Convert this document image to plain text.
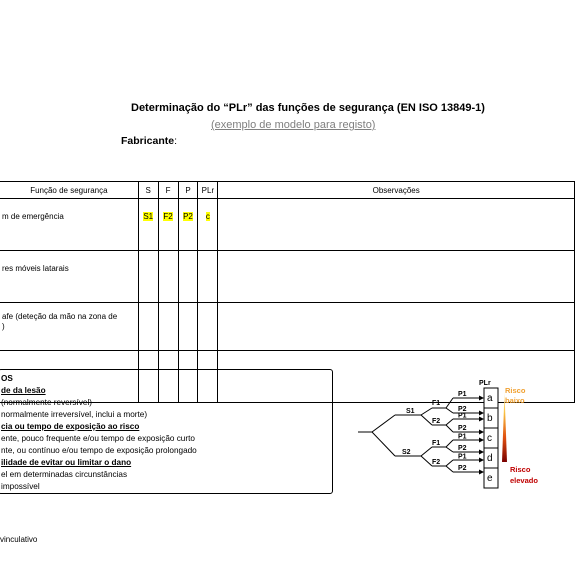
Determinação do “PLr” das funções de segurança (EN ISO 13849-1)
(exemplo de modelo para registo)
Fabricante:
Função de segurança	S	F	P	PLr	Observações
m de emergência	S1	F2	P2	c	
res móveis latarais					
afe (deteção da mão na zona de
)					

OS
de da lesão
(normalmente reversível)
normalmente irreversível, inclui a morte)
cia ou tempo de exposição ao risco
ente, pouco frequente e/ou tempo de exposição curto
nte, ou contínuo e/ou tempo de exposição prolongado
ilidade de evitar ou limitar o dano
el em determinadas circunstâncias
impossível
S1
S2
F1
F2
F1
F2
P1
P2
P1
P2
P1
P2
P1
P2
PLr
a
b
c
d
e
Risco
baixo
Risco
elevado
vinculativo
